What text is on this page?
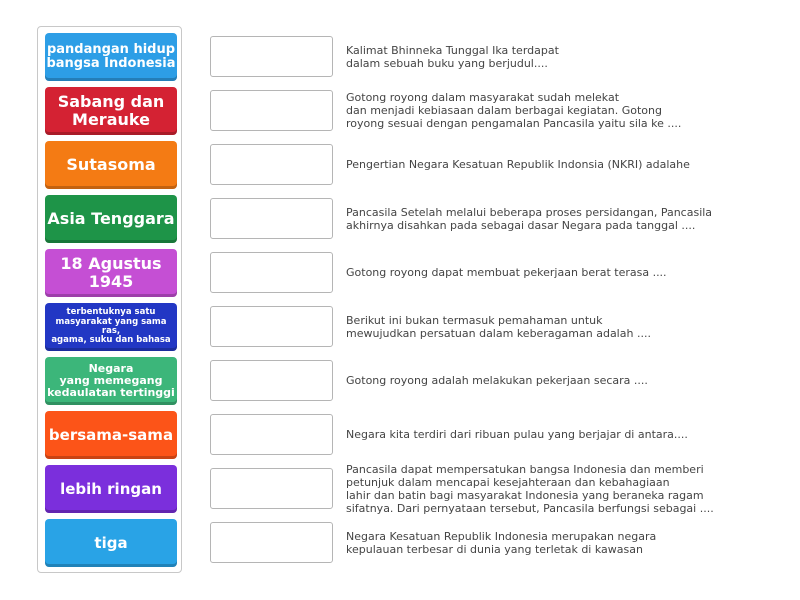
pandangan hidup
bangsa Indonesia
Sabang dan
Merauke
Sutasoma
Asia Tenggara
18 Agustus
1945
terbentuknya satu
masyarakat yang sama ras,
agama, suku dan bahasa
Negara
yang memegang
kedaulatan tertinggi
bersama-sama
lebih ringan
tiga
Kalimat Bhinneka Tunggal Ika terdapat
dalam sebuah buku yang berjudul....
Gotong royong dalam masyarakat sudah melekat
dan menjadi kebiasaan dalam berbagai kegiatan. Gotong
royong sesuai dengan pengamalan Pancasila yaitu sila ke ....
Pengertian Negara Kesatuan Republik Indonsia (NKRI) adalahe
Pancasila Setelah melalui beberapa proses persidangan, Pancasila
akhirnya disahkan pada sebagai dasar Negara pada tanggal ....
Gotong royong dapat membuat pekerjaan berat terasa ....
Berikut ini bukan termasuk pemahaman untuk
mewujudkan persatuan dalam keberagaman adalah ....
Gotong royong adalah melakukan pekerjaan secara ....
Negara kita terdiri dari ribuan pulau yang berjajar di antara....
Pancasila dapat mempersatukan bangsa Indonesia dan memberi
petunjuk dalam mencapai kesejahteraan dan kebahagiaan
lahir dan batin bagi masyarakat Indonesia yang beraneka ragam
sifatnya. Dari pernyataan tersebut, Pancasila berfungsi sebagai ....
Negara Kesatuan Republik Indonesia merupakan negara
kepulauan terbesar di dunia yang terletak di kawasan
